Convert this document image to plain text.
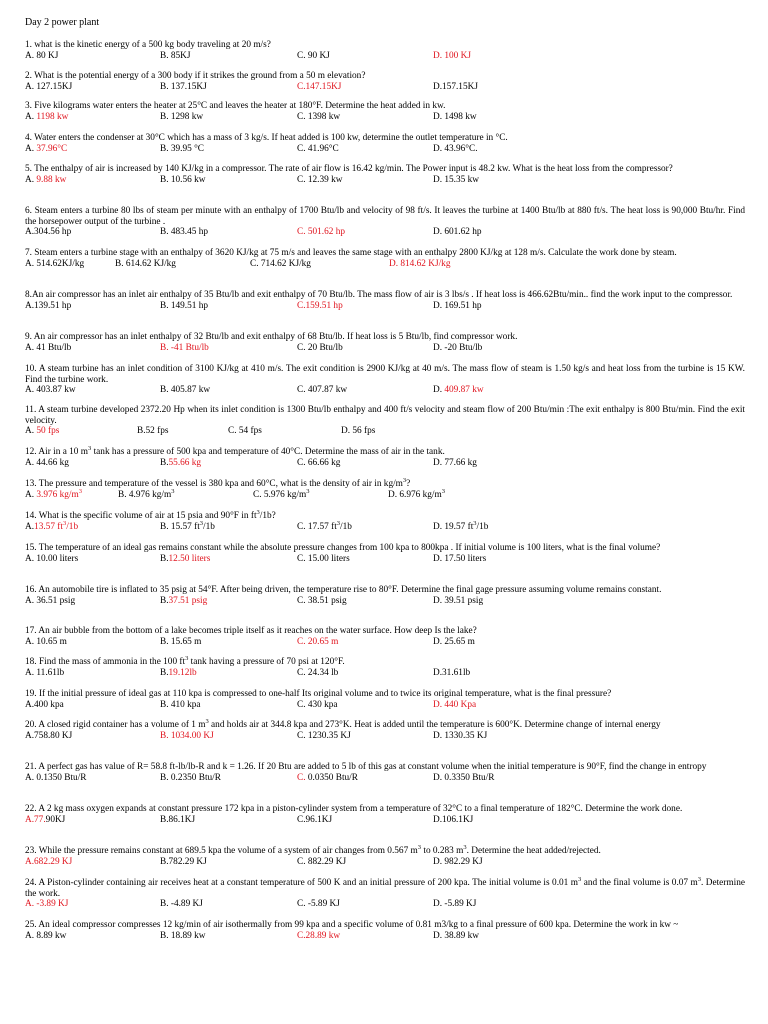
Day 2 power plant
1. what is the kinetic energy of a 500 kg body traveling at 20 m/s?
A. 80 KJ	B. 85KJ	C. 90 KJ	D. 100 KJ
2. What is the potential energy of a 300 body if it strikes the ground from a 50 m elevation?
A. 127.15KJ	B. 137.15KJ	C.147.15KJ	D.157.15KJ
3. Five kilograms water enters the heater at 25°C and leaves the heater at 180°F. Determine the heat added in kw.
A. 1198 kw	B. 1298 kw	C. 1398 kw	D. 1498 kw
4. Water enters the condenser at 30°C which has a mass of 3 kg/s. If heat added is 100 kw, determine the outlet temperature in °C.
A. 37.96°C	B. 39.95 °C	C. 41.96°C	D. 43.96°C.
5. The enthalpy of air is increased by 140 KJ/kg in a compressor. The rate of air flow is 16.42 kg/min. The Power input is 48.2 kw. What is the heat loss from the compressor?
A. 9.88 kw	B. 10.56 kw	C. 12.39 kw	D. 15.35 kw
6. Steam enters a turbine 80 lbs of steam per minute with an enthalpy of 1700 Btu/lb and velocity of 98 ft/s. It leaves the turbine at 1400 Btu/lb at 880 ft/s. The heat loss is 90,000 Btu/hr. Find the horsepower output of the turbine .
A.304.56 hp	B. 483.45 hp	C. 501.62 hp	D. 601.62 hp
7. Steam enters a turbine stage with an enthalpy of 3620 KJ/kg at 75 m/s and leaves the same stage with an enthalpy 2800 KJ/kg at 128 m/s. Calculate the work done by steam.
A. 514.62KJ/kg	B. 614.62 KJ/kg	C. 714.62 KJ/kg	D. 814.62 KJ/kg
8.An air compressor has an inlet air enthalpy of 35 Btu/lb and exit enthalpy of 70 Btu/lb. The mass flow of air is 3 lbs/s . If heat loss is 466.62Btu/min.. find the work input to the compressor.
A.139.51 hp	B. 149.51 hp	C.159.51 hp	D. 169.51 hp
9. An air compressor has an inlet enthalpy of 32 Btu/lb and exit enthalpy of 68 Btu/lb. If heat loss is 5 Btu/lb, find compressor work.
A. 41 Btu/lb	B. -41 Btu/lb	C. 20 Btu/lb	D. -20 Btu/lb
10. A steam turbine has an inlet condition of 3100 KJ/kg at 410 m/s. The exit condition is 2900 KJ/kg at 40 m/s. The mass flow of steam is 1.50 kg/s and heat loss from the turbine is 15 KW. Find the turbine work.
A. 403.87 kw	B. 405.87 kw	C. 407.87 kw	D. 409.87 kw
11. A steam turbine developed 2372.20 Hp when its inlet condition is 1300 Btu/lb enthalpy and 400 ft/s velocity and steam flow of 200 Btu/min :The exit enthalpy is 800 Btu/min. Find the exit velocity.
A. 50 fps	B.52 fps	C. 54 fps	D. 56 fps
12. Air in a 10 $m^3$ tank has a pressure of 500 kpa and temperature of 40°C. Determine the mass of air in the tank.
A. 44.66 kg	B.55.66 kg	C. 66.66 kg	D. 77.66 kg
13. The pressure and temperature of the vessel is 380 kpa and 60°C, what is the density of air in $kg/m^3$?
A. 3.976 $kg/m^3$	B. 4.976 $kg/m^3$	C. 5.976 $kg/m^3$	D. 6.976 $kg/m^3$
14. What is the specific volume of air at 15 psia and 90°F in $ft^3/1b$?
A.13.57 $ft^3/1b$	B. 15.57 $ft^3/1b$	C. 17.57 $ft^3/1b$	D. 19.57 $ft^3/1b$
15. The temperature of an ideal gas remains constant while the absolute pressure changes from 100 kpa to 800kpa . If initial volume is 100 liters, what is the final volume?
A. 10.00 liters	B.12.50 liters	C. 15.00 liters	D. 17.50 liters
16. An automobile tire is inflated to 35 psig at 54°F. After being driven, the temperature rise to 80°F. Determine the final gage pressure assuming volume remains constant.
A. 36.51 psig	B.37.51 psig	C. 38.51 psig	D. 39.51 psig
17. An air bubble from the bottom of a lake becomes triple itself as it reaches on the water surface. How deep Is the lake?
A. 10.65 m	B. 15.65 m	C. 20.65 m	D. 25.65 m
18. Find the mass of ammonia in the 100 $ft^3$ tank having a pressure of 70 psi at 120°F.
A. 11.61lb	B.19.12lb	C. 24.34 lb	D.31.61lb
19. If the initial pressure of ideal gas at 110 kpa is compressed to one-half Its original volume and to twice its original temperature, what is the final pressure?
A.400 kpa	B. 410 kpa	C. 430 kpa	D. 440 Kpa
20. A closed rigid container has a volume of 1 $m^3$ and holds air at 344.8 kpa and 273°K. Heat is added until the temperature is 600°K. Determine change of internal energy
A.758.80 KJ	B. 1034.00 KJ	C. 1230.35 KJ	D. 1330.35 KJ
21. A perfect gas has value of R= 58.8 ft-lb/lb-R and k = 1.26. If 20 Btu are added to 5 lb of this gas at constant volume when the initial temperature is 90°F, find the change in entropy
A. 0.1350 Btu/R	B. 0.2350 Btu/R	C. 0.0350 Btu/R	D. 0.3350 Btu/R
22. A 2 kg mass oxygen expands at constant pressure 172 kpa in a piston-cylinder system from a temperature of 32°C to a final temperature of 182°C. Determine the work done.
A.77.90KJ	B.86.1KJ	C.96.1KJ	D.106.1KJ
23. While the pressure remains constant at 689.5 kpa the volume of a system of air changes from 0.567 $m^3$ to 0.283 $m^3$. Determine the heat added/rejected.
A.682.29 KJ	B.782.29 KJ	C. 882.29 KJ	D. 982.29 KJ
24. A Piston-cylinder containing air receives heat at a constant temperature of 500 K and an initial pressure of 200 kpa. The initial volume is 0.01 $m^3$ and the final volume is 0.07 $m^3$. Determine the work.
A. -3.89 KJ	B. -4.89 KJ	C. -5.89 KJ	D. -5.89 KJ
25. An ideal compressor compresses 12 kg/min of air isothermally from 99 kpa and a specific volume of 0.81 m3/kg to a final pressure of 600 kpa. Determine the work in kw ~
A. 8.89 kw	B. 18.89 kw	C.28.89 kw	D. 38.89 kw
